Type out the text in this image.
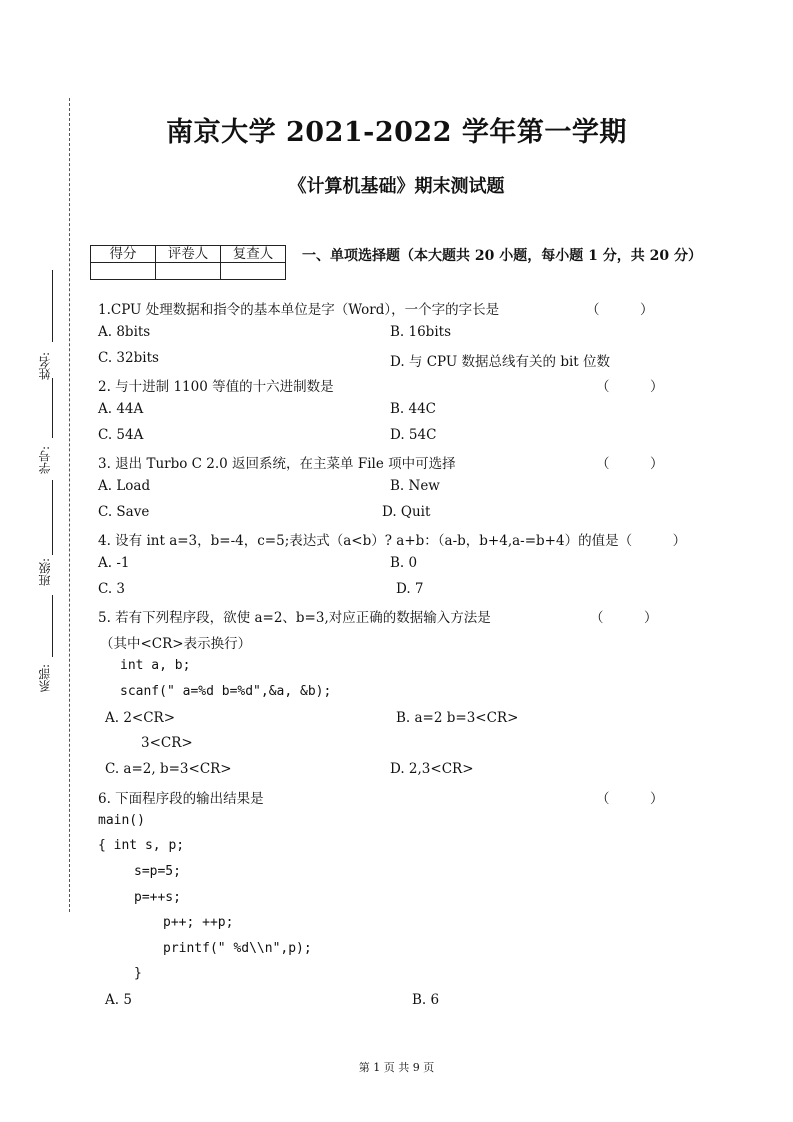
姓名:
学号:
班级:
系部:
南京大学 2021-2022 学年第一学期
《计算机基础》期末测试题
得分	评卷人	复查人
		一、单项选择题（本大题共 20 小题，每小题 1 分，共 20 分）
1.CPU 处理数据和指令的基本单位是字（Word），一个字的字长是	（　　　）
A. 8bits	B. 16bits
C. 32bits	D. 与 CPU 数据总线有关的 bit 位数
2. 与十进制 1100 等值的十六进制数是	（　　　）
A. 44A	B. 44C
C. 54A	D. 54C
3. 退出 Turbo C 2.0 返回系统，在主菜单 File 项中可选择	（　　　）
A. Load	B. New
C. Save	D. Quit
4. 设有 int a=3，b=-4，c=5;表达式（a<b）? a+b：（a-b，b+4,a-=b+4）的值是（　　　）
A. -1	B. 0
C. 3	D. 7
5. 若有下列程序段，欲使 a=2、b=3,对应正确的数据输入方法是	（　　　）
（其中<CR>表示换行）
int a, b;
scanf(" a=%d b=%d",&a, &b);
A. 2<CR>	B. a=2 b=3<CR>
3<CR>
C. a=2, b=3<CR>	D. 2,3<CR>
6. 下面程序段的输出结果是	（　　　）
main()
{ int s, p;
s=p=5;
p=++s;
p++; ++p;
printf(" %d\\n",p);
}
A. 5	B. 6
第 1 页 共 9 页
